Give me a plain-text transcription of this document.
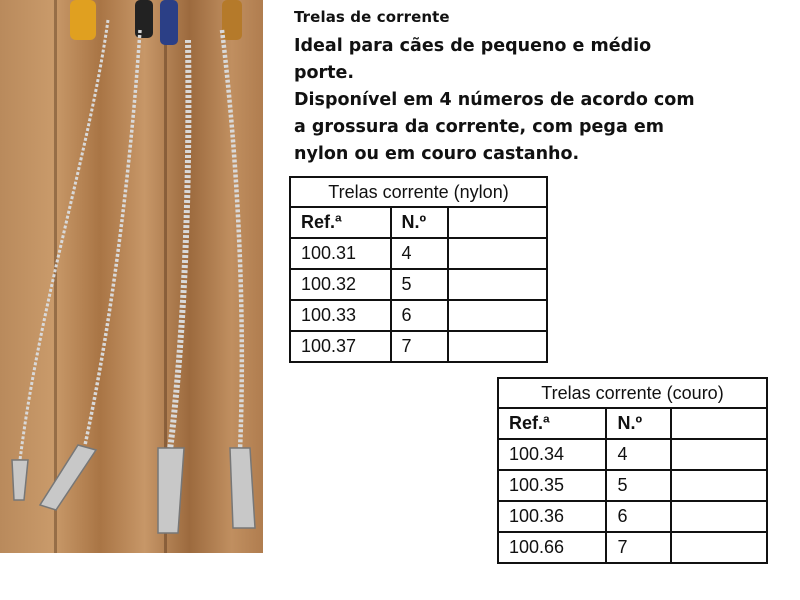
Trelas de corrente
Ideal para cães de pequeno e médio
porte.
Disponível em 4 números de acordo com
a grossura da corrente, com pega em
nylon ou em couro castanho.
Trelas corrente (nylon)		
Ref.ª	N.º	
100.31	4	
100.32	5	
100.33	6	
100.37	7	
Trelas corrente (couro)		
Ref.ª	N.º	
100.34	4	
100.35	5	
100.36	6	
100.66	7	
